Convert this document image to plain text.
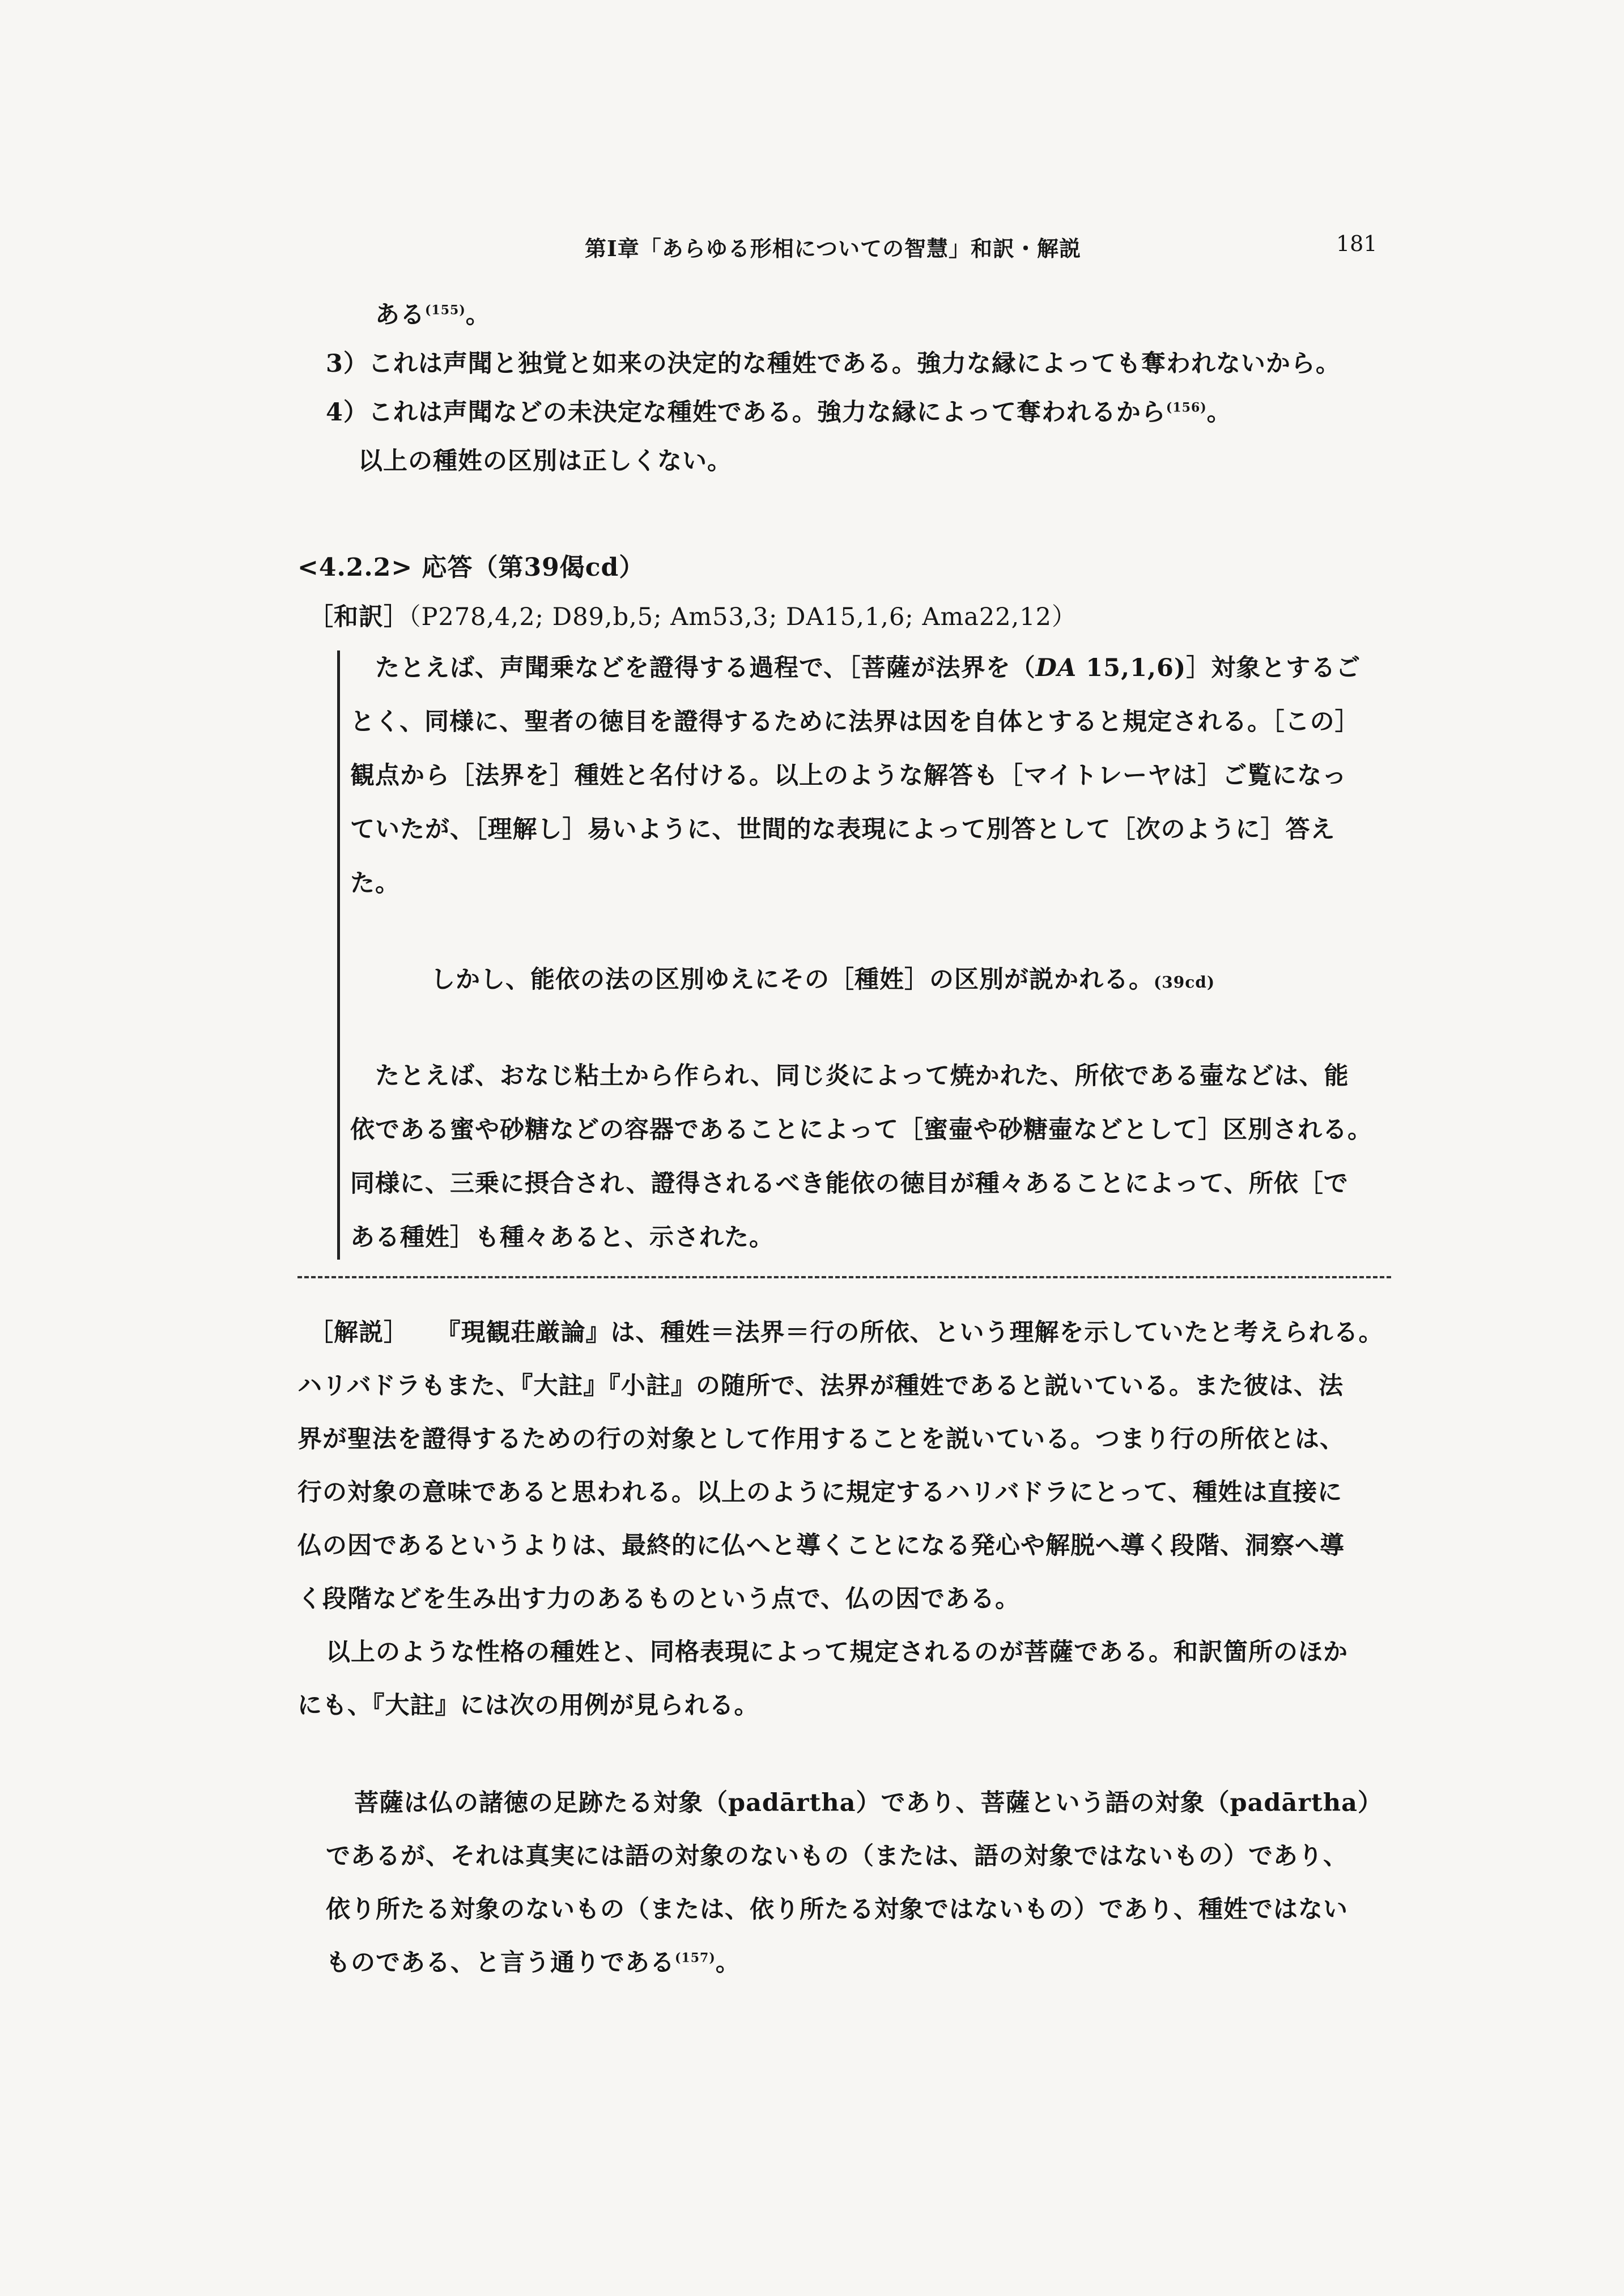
第Ⅰ章「あらゆる形相についての智慧」和訳・解説	181
ある$^{(155)}$。
3）これは声聞と独覚と如来の決定的な種姓である。強力な縁によっても奪われないから。
4）これは声聞などの未決定な種姓である。強力な縁によって奪われるから$^{(156)}$。
以上の種姓の区別は正しくない。
<4.2.2> 応答（第39偈cd）
［和訳］（P278,4,2; D89,b,5; Am53,3; DA15,1,6; Ama22,12）
たとえば、声聞乗などを證得する過程で、［菩薩が法界を（DA 15,1,6)］対象とするご
とく、同様に、聖者の徳目を證得するために法界は因を自体とすると規定される。［この］
観点から［法界を］種姓と名付ける。以上のような解答も［マイトレーヤは］ご覧になっ
ていたが、［理解し］易いように、世間的な表現によって別答として［次のように］答え
た。
しかし、能依の法の区別ゆえにその［種姓］の区別が説かれる。(39cd)
たとえば、おなじ粘土から作られ、同じ炎によって焼かれた、所依である壷などは、能
依である蜜や砂糖などの容器であることによって［蜜壷や砂糖壷などとして］区別される。
同様に、三乗に摂合され、證得されるべき能依の徳目が種々あることによって、所依［で
ある種姓］も種々あると、示された。
［解説］ 『現観荘厳論』は、種姓＝法界＝行の所依、という理解を示していたと考えられる。
ハリバドラもまた、『大註』『小註』の随所で、法界が種姓であると説いている。また彼は、法
界が聖法を證得するための行の対象として作用することを説いている。つまり行の所依とは、
行の対象の意味であると思われる。以上のように規定するハリバドラにとって、種姓は直接に
仏の因であるというよりは、最終的に仏へと導くことになる発心や解脱へ導く段階、洞察へ導
く段階などを生み出す力のあるものという点で、仏の因である。
以上のような性格の種姓と、同格表現によって規定されるのが菩薩である。和訳箇所のほか
にも、『大註』には次の用例が見られる。
菩薩は仏の諸徳の足跡たる対象（padārtha）であり、菩薩という語の対象（padārtha）
であるが、それは真実には語の対象のないもの（または、語の対象ではないもの）であり、
依り所たる対象のないもの（または、依り所たる対象ではないもの）であり、種姓ではない
ものである、と言う通りである$^{(157)}$。
